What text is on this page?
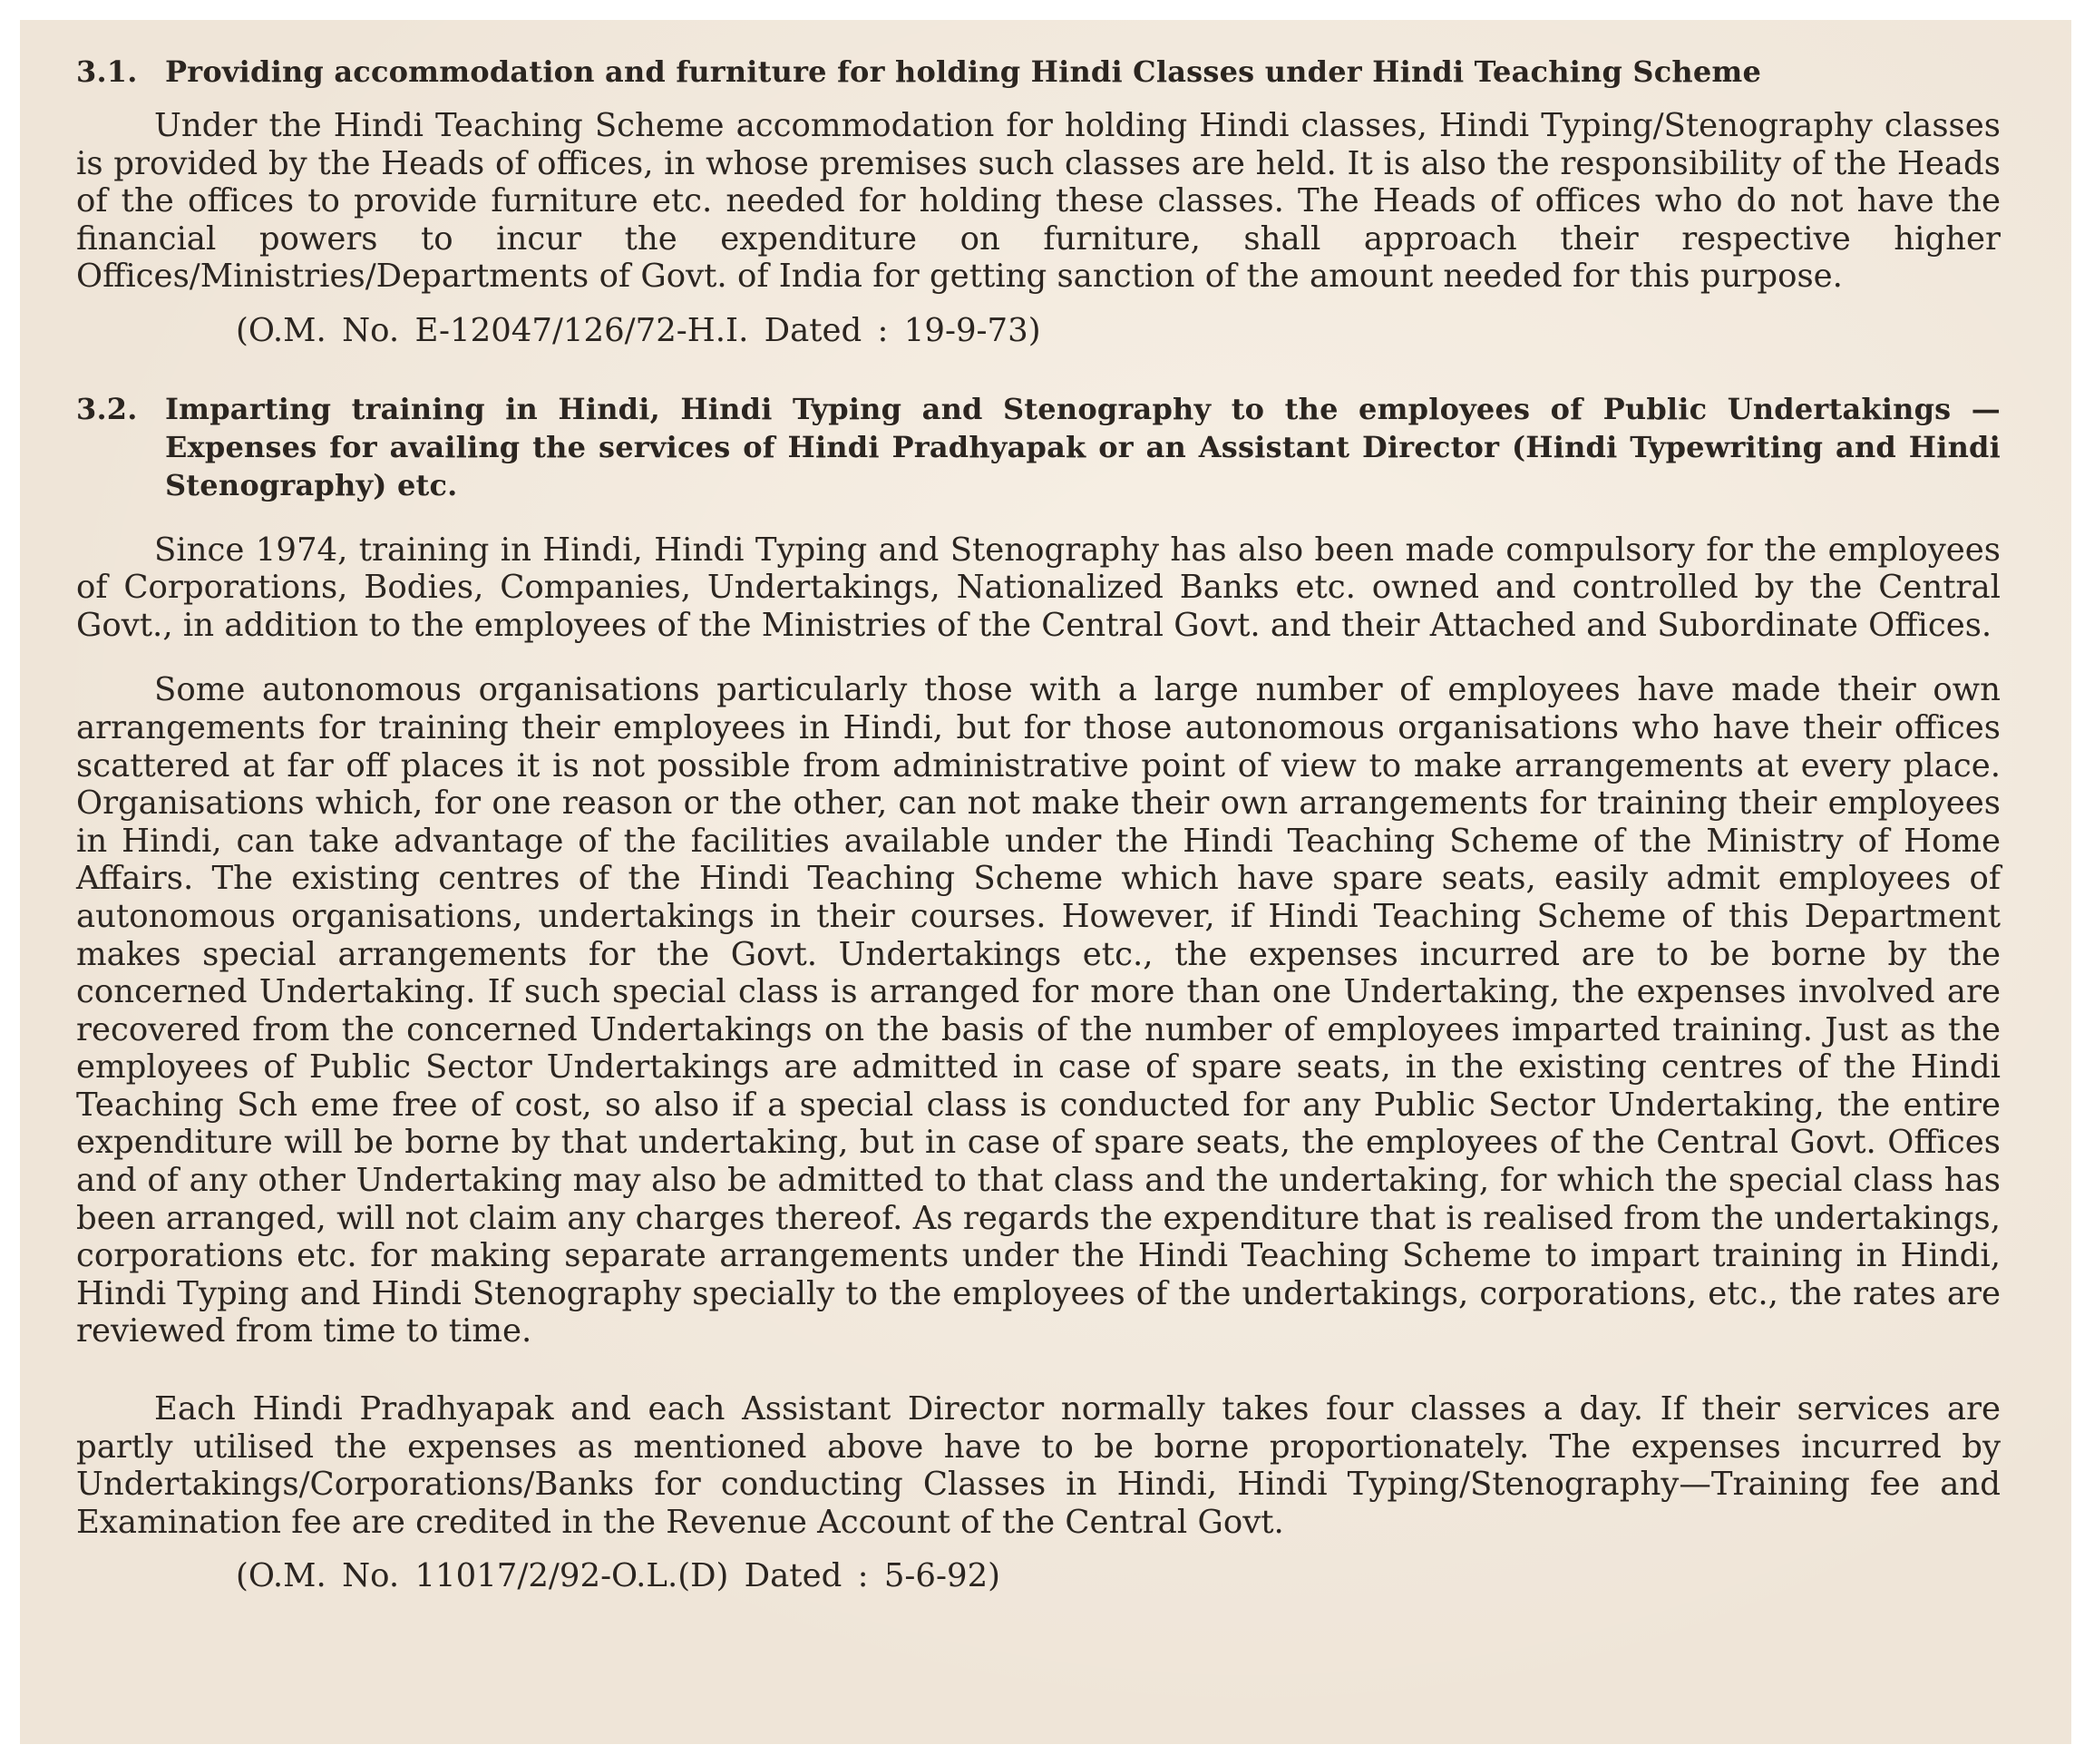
3.1. Providing accommodation and furniture for holding Hindi Classes under Hindi Teaching Scheme

Under the Hindi Teaching Scheme accommodation for holding Hindi classes, Hindi Typing/Stenography classes is provided by the Heads of offices, in whose premises such classes are held. It is also the responsibility of the Heads of the offices to provide furniture etc. needed for holding these classes. The Heads of offices who do not have the financial powers to incur the expenditure on furniture, shall approach their respective higher Offices/Ministries/Departments of Govt. of India for getting sanction of the amount needed for this purpose.

(O.M. No. E-12047/126/72-H.I. Dated : 19-9-73)

3.2. Imparting training in Hindi, Hindi Typing and Stenography to the employees of Public Undertakings —Expenses for availing the services of Hindi Pradhyapak or an Assistant Director (Hindi Typewriting and Hindi Stenography) etc.

Since 1974, training in Hindi, Hindi Typing and Stenography has also been made compulsory for the employees of Corporations, Bodies, Companies, Undertakings, Nationalized Banks etc. owned and controlled by the Central Govt., in addition to the employees of the Ministries of the Central Govt. and their Attached and Subordinate Offices.

Some autonomous organisations particularly those with a large number of employees have made their own arrangements for training their employees in Hindi, but for those autonomous organisations who have their offices scattered at far off places it is not possible from administrative point of view to make arrangements at every place. Organisations which, for one reason or the other, can not make their own arrangements for training their employees in Hindi, can take advantage of the facilities available under the Hindi Teaching Scheme of the Ministry of Home Affairs. The existing centres of the Hindi Teaching Scheme which have spare seats, easily admit employees of autonomous organisations, undertakings in their courses. However, if Hindi Teaching Scheme of this Department makes special arrangements for the Govt. Undertakings etc., the expenses incurred are to be borne by the concerned Undertaking. If such special class is arranged for more than one Undertaking, the expenses involved are recovered from the concerned Undertakings on the basis of the number of employees imparted training. Just as the employees of Public Sector Undertakings are admitted in case of spare seats, in the existing centres of the Hindi Teaching Sch eme free of cost, so also if a special class is conducted for any Public Sector Undertaking, the entire expenditure will be borne by that undertaking, but in case of spare seats, the employees of the Central Govt. Offices and of any other Undertaking may also be admitted to that class and the undertaking, for which the special class has been arranged, will not claim any charges thereof. As regards the expenditure that is realised from the undertakings, corporations etc. for making separate arrangements under the Hindi Teaching Scheme to impart training in Hindi, Hindi Typing and Hindi Stenography specially to the employees of the undertakings, corporations, etc., the rates are reviewed from time to time.

Each Hindi Pradhyapak and each Assistant Director normally takes four classes a day. If their services are partly utilised the expenses as mentioned above have to be borne proportionately. The expenses incurred by Undertakings/Corporations/Banks for conducting Classes in Hindi, Hindi Typing/Stenography—Training fee and Examination fee are credited in the Revenue Account of the Central Govt.

(O.M. No. 11017/2/92-O.L.(D) Dated : 5-6-92)
